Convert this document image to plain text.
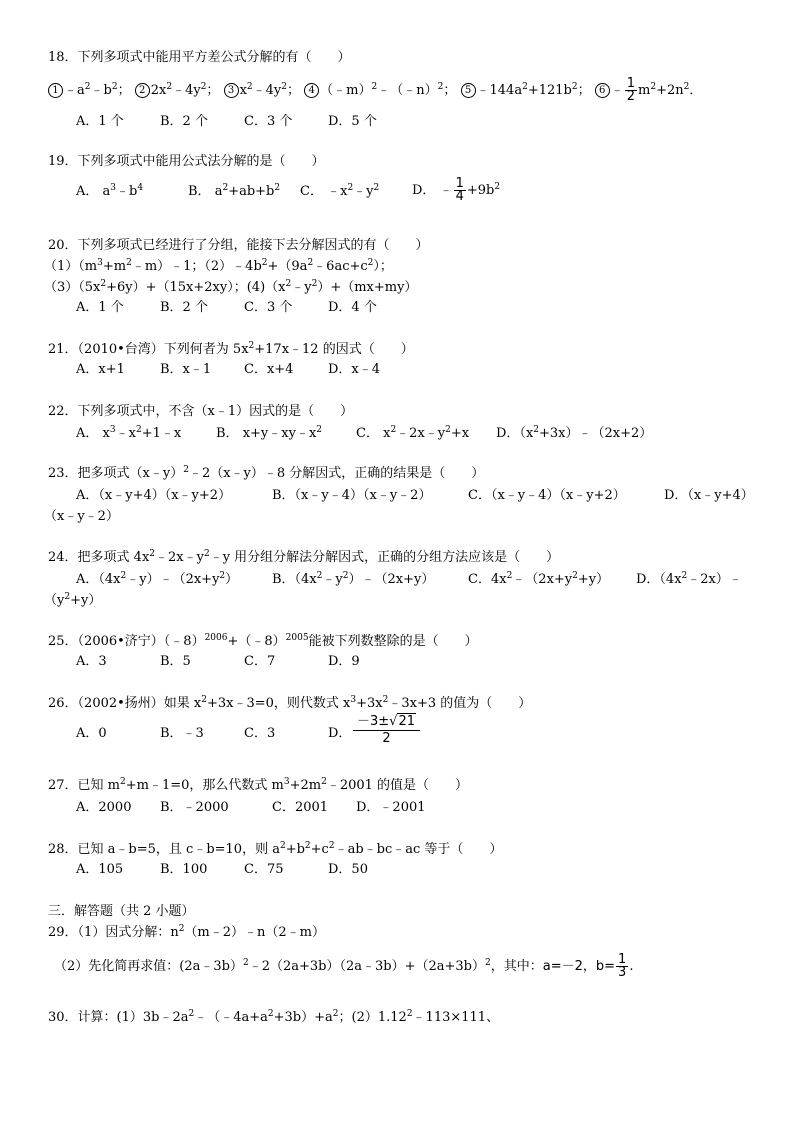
18．下列多项式中能用平方差公式分解的有（　　）
1 $﹣a^2﹣b^2$； 2 $2x^2﹣4y^2$； 3 $x^2﹣4y^2$； 4 （﹣m）$^2$﹣（﹣n）$^2$； 5 $﹣144a^2+121b^2$； 6 ﹣ $\frac{1}{2} m^2+2n^2$．
A．1 个	B．2 个	C．3 个	D．5 个
19．下列多项式中能用公式法分解的是（　　）
A． $a^3﹣b^4$	B． $a^2+ab+b^2$ C． $﹣x^2﹣y^2$	D． ﹣ $\frac{1}{4} +9b^2$
20．下列多项式已经进行了分组，能接下去分解因式的有（　　）
$(1)(m^3+m^2﹣m)﹣1$；$(2)﹣4b^2+(9a^2﹣6ac+c^2)$；
$(3)(5x^2+6y)+(15x+2xy)$；$(4)(x^2﹣y^2)+(mx+my)$
A．1 个	B．2 个	C．3 个	D．4 个
21．（2010•台湾）下列何者为 $5x^2+17x﹣12$ 的因式（　　）
A．x+1	B．x﹣1	C．x+4	D．x﹣4
22．下列多项式中，不含（x﹣1）因式的是（　　）
A． $x^3﹣x^2+1﹣x$	B． $x+y﹣xy﹣x^2$	C． $x^2﹣2x﹣y^2+x$ D．$(x^2+3x)﹣(2x+2)$
23．把多项式（x﹣y）$^2$﹣2（x﹣y）﹣8 分解因式，正确的结果是（　　）
A．（x﹣y+4）（x﹣y+2）	B．（x﹣y﹣4）（x﹣y﹣2）	C．（x﹣y﹣4）（x﹣y+2）	D．（x﹣y+4）
（x﹣y﹣2）
24．把多项式 $4x^2﹣2x﹣y^2﹣y$ 用分组分解法分解因式，正确的分组方法应该是（　　）
A．$(4x^2﹣y)﹣(2x+y^2)$	B．$(4x^2﹣y^2)﹣(2x+y)$	C．$4x^2﹣(2x+y^2+y)$ D．$(4x^2﹣2x)﹣$
$(y^2+y)$
25．（2006•济宁）（﹣8）$^{2006}$+（﹣8）$^{2005}$能被下列数整除的是（　　）
A．3	B．5	C．7	D．9
26．（2002•扬州）如果 $x^2+3x﹣3=0$，则代数式 $x^3+3x^2﹣3x+3$ 的值为（　　）
A．0	B．﹣3	C．3	D． $\frac{-3\pm√21}{2}$
27．已知 $m^2+m﹣1=0$，那么代数式 $m^3+2m^2﹣2001$ 的值是（　　）
A．2000 B．﹣2000	C．2001 D．﹣2001
28．已知 a﹣b=5，且 c﹣b=10，则 $a^2+b^2+c^2﹣ab﹣bc﹣ac$ 等于（　　）
A．105	B．100	C．75	D．50
三．解答题（共 2 小题）
29．（1）因式分解：$n^2(m﹣2)﹣n(2﹣m)$
（2）先化简再求值：$(2a﹣3b)^2﹣2(2a+3b)(2a﹣3b)+(2a+3b)^2$，其中：a=－2，$b= \frac{1}{3}$ .
30．计算：$(1)3b﹣2a^2﹣(﹣4a+a^2+3b)+a^2$；$(2)1.12^2﹣113\times 111$、
